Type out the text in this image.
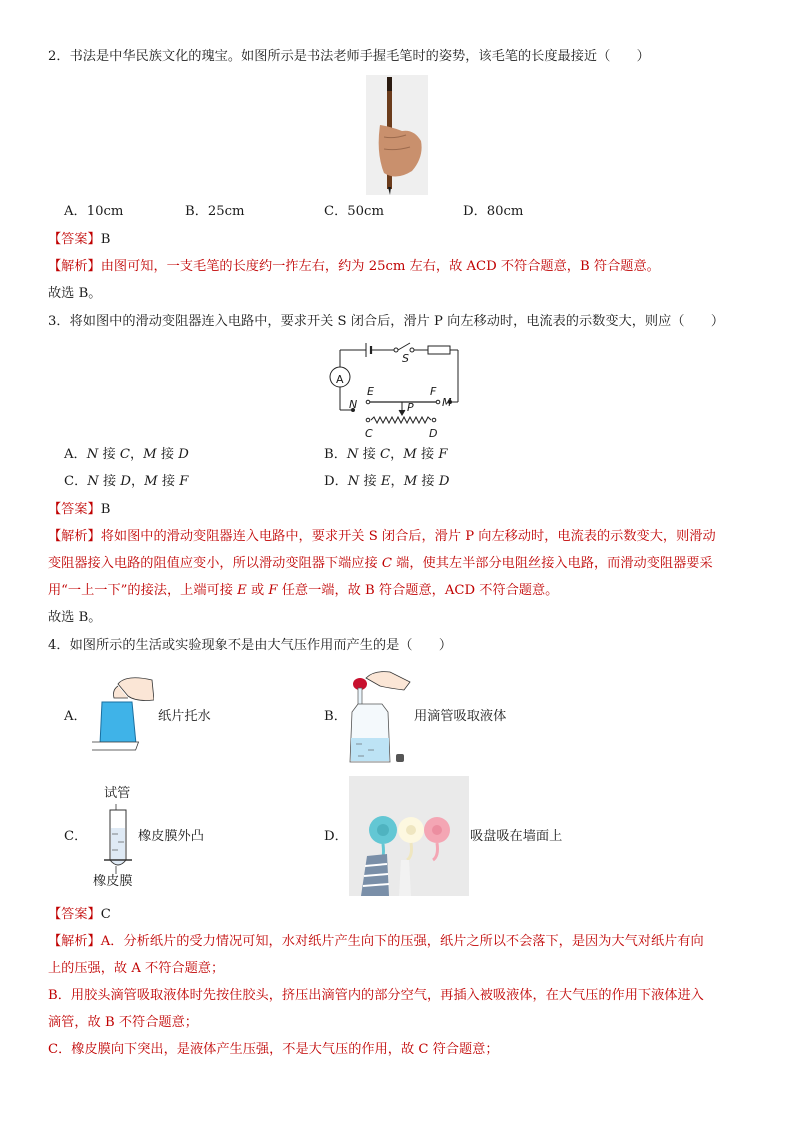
2．书法是中华民族文化的瑰宝。如图所示是书法老师手握毛笔时的姿势，该毛笔的长度最接近（　　）
A．10cm	B．25cm	C．50cm	D．80cm
【答案】B
【解析】由图可知，一支毛笔的长度约一拃左右，约为 25cm 左右，故 ACD 不符合题意，B 符合题意。
故选 B。
3．将如图中的滑动变阻器连入电路中，要求开关 S 闭合后，滑片 P 向左移动时，电流表的示数变大，则应（　　）
A
S
E	F
N	M
P
C	D
A．N 接 C，M 接 D	B．N 接 C，M 接 F
C．N 接 D，M 接 F	D．N 接 E，M 接 D
【答案】B
【解析】将如图中的滑动变阻器连入电路中，要求开关 S 闭合后，滑片 P 向左移动时，电流表的示数变大，则滑动
变阻器接入电路的阻值应变小，所以滑动变阻器下端应接 C 端，使其左半部分电阻丝接入电路，而滑动变阻器要采
用“一上一下”的接法，上端可接 E 或 F 任意一端，故 B 符合题意，ACD 不符合题意。
故选 B。
4．如图所示的生活或实验现象不是由大气压作用而产生的是（　　）
A．	纸片托水	B．	用滴管吸取液体
试管
C．	橡皮膜外凸
橡皮膜
D．	吸盘吸在墙面上
【答案】C
【解析】A．分析纸片的受力情况可知，水对纸片产生向下的压强，纸片之所以不会落下，是因为大气对纸片有向
上的压强，故 A 不符合题意；
B．用胶头滴管吸取液体时先按住胶头，挤压出滴管内的部分空气，再插入被吸液体，在大气压的作用下液体进入
滴管，故 B 不符合题意；
C．橡皮膜向下突出，是液体产生压强，不是大气压的作用，故 C 符合题意；
